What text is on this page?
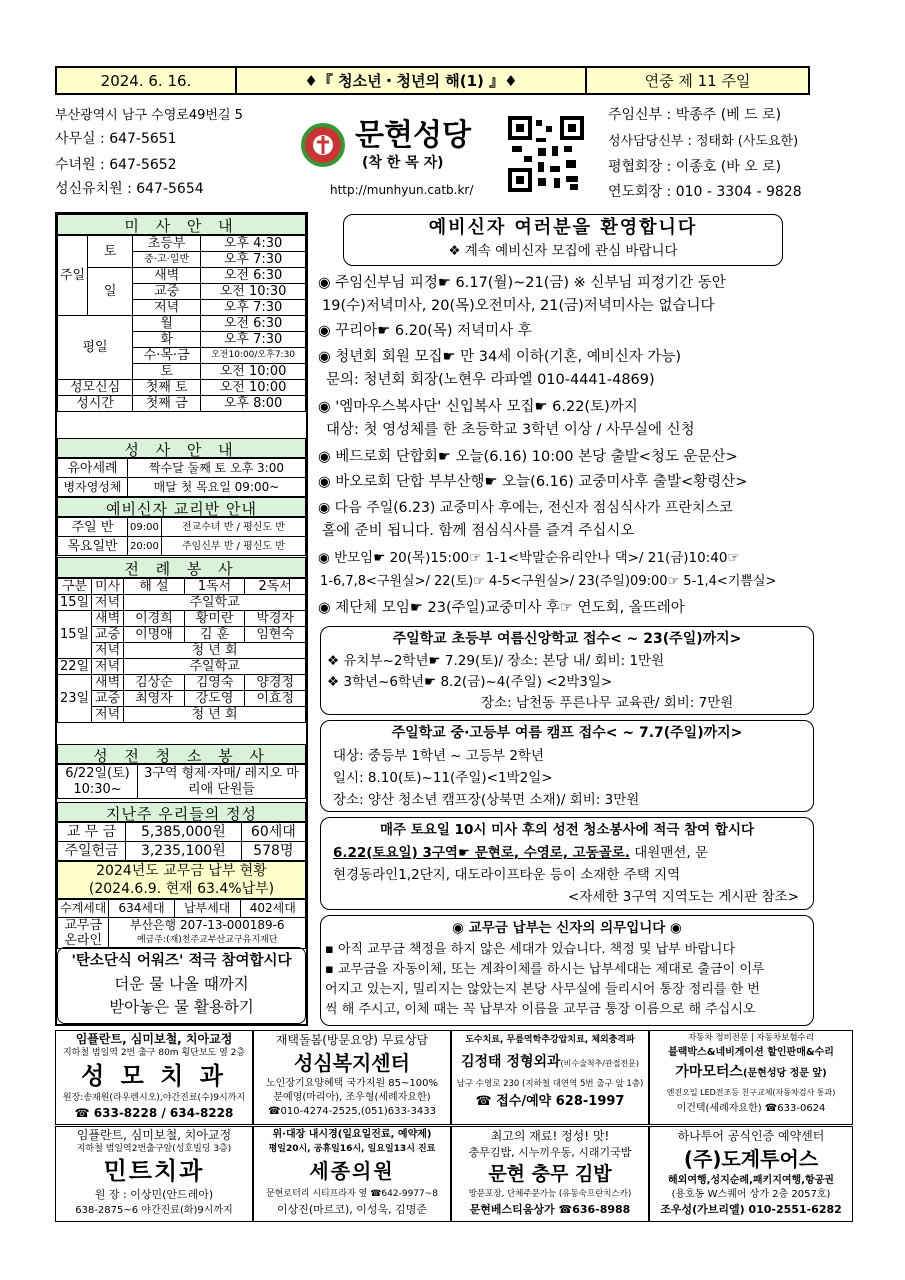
2024. 6. 16.	♦『 청소년・청년의 해(1) 』♦	연중 제 11 주일
부산광역시 남구 수영로49번길 5
사무실 : 647-5651
수녀원 : 647-5652
성신유치원 : 647-5654
문현성당
(착 한 목 자)
http://munhyun.catb.kr/
주임신부 : 박종주 (베 드 로)
성사담당신부 : 정태화 (사도요한)
평협회장 : 이종호 (바 오 로)
연도회장 : 010 - 3304 - 9828
미 사 안 내
주일	토	초등부	오후 4:30
		중·고·일반	오후 7:30
	일	새벽	오전 6:30
		교중	오전 10:30
		저녁	오후 7:30
평일		월	오전 6:30
		화	오후 7:30
		수·목·금	오전10:00/오후7:30
		토	오전 10:00
성모신심		첫째 토	오전 10:00
성시간		첫째 금	오후 8:00
성 사 안 내
유아세례	짝수달 둘째 토 오후 3:00
병자영성체	매달 첫 목요일 09:00~
예비신자 교리반 안내
주일 반	09:00	전교수녀 반 / 평신도 반
목요일반	20:00	주임신부 반 / 평신도 반
전 례 봉 사
구분	미사	해 설	1독서	2독서
15일	저녁	주일학교		
15일	새벽	이경희	황미란	박경자
	교중	이명애	김 훈	임현숙
	저녁	청 년 회		
22일	저녁	주일학교		
23일	새벽	김상순	김영숙	양경정
	교중	최영자	강도영	이효정
	저녁	청 년 회		
성 전 청 소 봉 사
6/22일(토) 10:30~	3구역 형제·자매/ 레지오 마리애 단원들
지난주 우리들의 정성
교 무 금	5,385,000원	60세대
주일헌금	3,235,100원	578명
2024년도 교무금 납부 현황
(2024.6.9. 현재 63.4%납부)
수계세대	634세대	납부세대	402세대
교무금 온라인	부산은행 207-13-000189-6
예금주:(재)천주교부산교구유지재단		
'탄소단식 어워즈' 적극 참여합시다
더운 물 나올 때까지
받아놓은 물 활용하기
예비신자 여러분을 환영합니다
❖ 계속 예비신자 모집에 관심 바랍니다
◉ 주임신부님 피정☛ 6.17(월)~21(금) ※ 신부님 피정기간 동안
19(수)저녁미사, 20(목)오전미사, 21(금)저녁미사는 없습니다
◉ 꾸리아☛ 6.20(목) 저녁미사 후
◉ 청년회 회원 모집☛ 만 34세 이하(기혼, 예비신자 가능)
문의: 청년회 회장(노현우 라파엘 010-4441-4869)
◉ '엠마우스복사단' 신입복사 모집☛ 6.22(토)까지
대상: 첫 영성체를 한 초등학교 3학년 이상 / 사무실에 신청
◉ 베드로회 단합회☛ 오늘(6.16) 10:00 본당 출발<청도 운문산>
◉ 바오로회 단합 부부산행☛ 오늘(6.16) 교중미사후 출발<황령산>
◉ 다음 주일(6.23) 교중미사 후에는, 전신자 점심식사가 프란치스코
홀에 준비 됩니다. 함께 점심식사를 즐겨 주십시오
◉ 반모임☛ 20(목)15:00☞ 1-1<박말순유리안나 댁>/ 21(금)10:40☞
1-6,7,8<구원실>/ 22(토)☞ 4-5<구원실>/ 23(주일)09:00☞ 5-1,4<기쁨실>
◉ 제단체 모임☛ 23(주일)교중미사 후☞ 연도회, 올뜨레아
주일학교 초등부 여름신앙학교 접수< ~ 23(주일)까지>
❖ 유치부~2학년☛ 7.29(토)/ 장소: 본당 내/ 회비: 1만원
❖ 3학년~6학년☛ 8.2(금)~4(주일) <2박3일>
장소: 남천동 푸른나무 교육관/ 회비: 7만원
주일학교 중·고등부 여름 캠프 접수< ~ 7.7(주일)까지>
대상: 중등부 1학년 ~ 고등부 2학년
일시: 8.10(토)~11(주일)<1박2일>
장소: 양산 청소년 캠프장(상북면 소재)/ 회비: 3만원
매주 토요일 10시 미사 후의 성전 청소봉사에 적극 참여 합시다
6.22(토요일) 3구역☛ 문현로, 수영로, 고동골로. 대원맨션, 문
현경동라인1,2단지, 대도라이프타운 등이 소재한 주택 지역
<자세한 3구역 지역도는 게시판 참조>
◉ 교무금 납부는 신자의 의무입니다 ◉
▪ 아직 교무금 책정을 하지 않은 세대가 있습니다. 책정 및 납부 바랍니다
▪ 교무금을 자동이체, 또는 계좌이체를 하시는 납부세대는 제대로 출금이 이루
어지고 있는지, 밀리지는 않았는지 본당 사무실에 들리시어 통장 정리를 한 번
씩 해 주시고, 이체 때는 꼭 납부자 이름을 교무금 통장 이름으로 해 주십시오
임플란트, 심미보철, 치아교정
지하철 범일역 2번 출구 80m 횡단보도 옆 2층
성 모 치 과
원장:송재원(라우렌시오),야간진료(수)9시까지
☎ 633-8228 / 634-8228
재택돌봄(방문요양) 무료상담
성심복지센터
노인장기요양혜택 국가지원 85~100%
문예영(마리아), 조우형(세례자요한)
☎010-4274-2525,(051)633-3433
도수치료, 무릎역학추강압치료, 체외충격파
김정태 정형외과(비수술척추/관절전문)
남구 수영로 230 (지하철 대연역 5번 출구 앞 1층)
☎ 접수/예약 628-1997
자동차 정비전문 | 자동차보험수리
블랙박스&네비게이션 할인판매&수리
가마모터스(문현성당 정문 앞)
엔진오일 LED전조등 친구교체(자동차검사 통과)
이건택(세례자요한) ☎633-0624
임플란트, 심미보철, 치아교정
지하철 범일역2번출구앞(성호빌딩 3층)
민트치과
원 장 : 이상민(안드레아)
638-2875~6 야간진료(화)9시까지
위·대장 내시경(일요일진료, 예약제)
평일20시, 공휴일16시, 일요일13시 진료
세종의원
문현로터리 시티프라자 옆 ☎642-9977~8
이상진(마르코), 이성욱, 김명준
최고의 재료! 정성! 맛!
충무김밥, 시누끼우동, 시래기국밥
문현 충무 김밥
방문포장, 단체주문가능 (유동숙프란치스카)
문현베스티움상가 ☎636-8988
하나투어 공식인증 예약센터
(주)도계투어스
해외여행,성지순례,패키지여행,항공권
(용호동 W스퀘어 상가 2층 2057호)
조우성(가브리엘) 010-2551-6282
